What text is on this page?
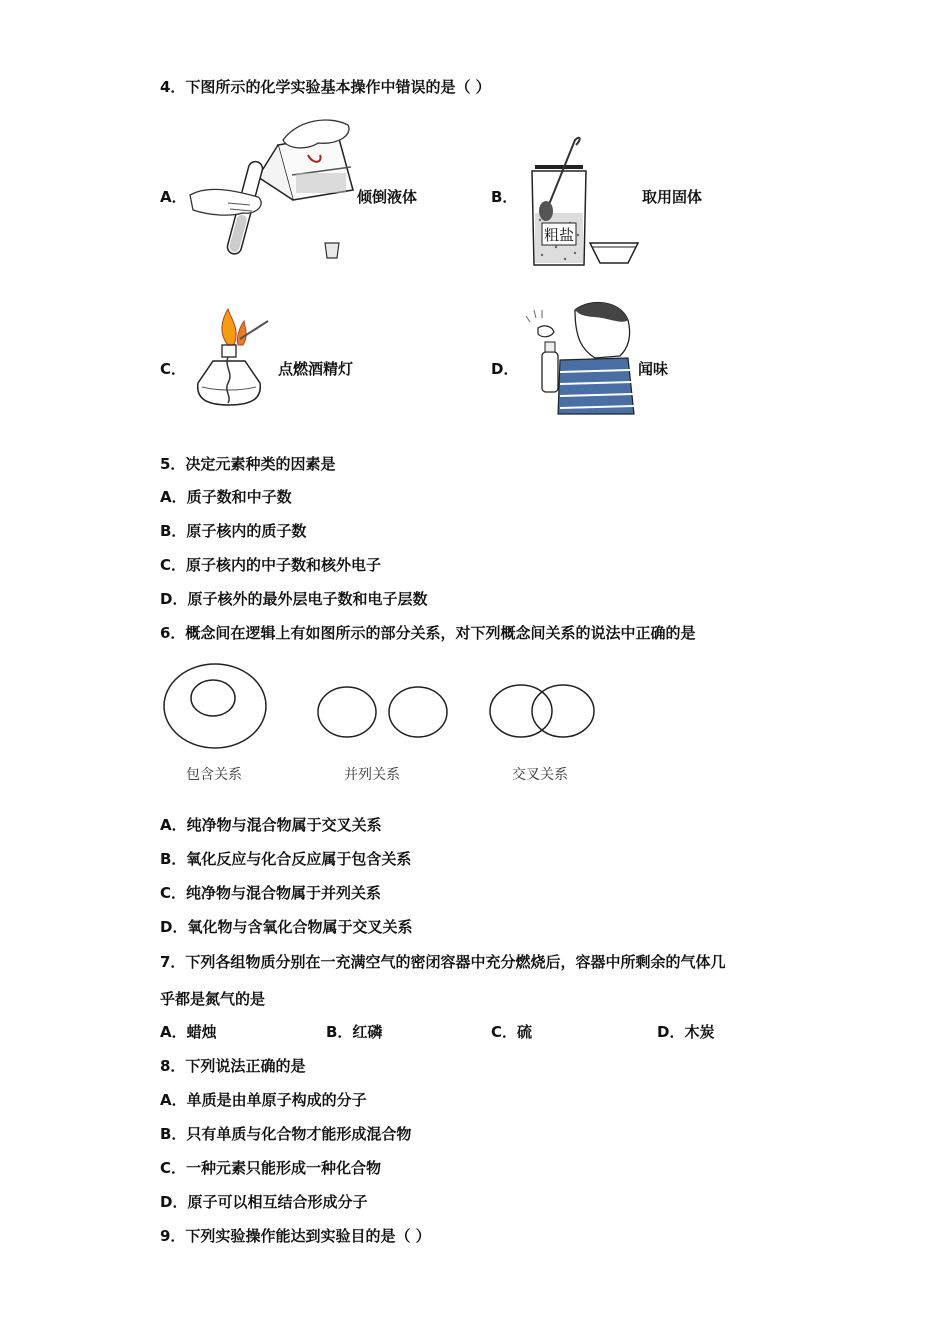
4．下图所示的化学实验基本操作中错误的是（ ）
A．	倾倒液体	B．
粗盐
取用固体
C．	点燃酒精灯	D．	闻味
5．决定元素种类的因素是
A．质子数和中子数
B．原子核内的质子数
C．原子核内的中子数和核外电子
D．原子核外的最外层电子数和电子层数
6．概念间在逻辑上有如图所示的部分关系，对下列概念间关系的说法中正确的是
包含关系	并列关系	交叉关系
A．纯净物与混合物属于交叉关系
B．氧化反应与化合反应属于包含关系
C．纯净物与混合物属于并列关系
D．氧化物与含氧化合物属于交叉关系
7．下列各组物质分别在一充满空气的密闭容器中充分燃烧后，容器中所剩余的气体几
乎都是氮气的是
A．蜡烛	B．红磷	C．硫	D．木炭
8．下列说法正确的是
A．单质是由单原子构成的分子
B．只有单质与化合物才能形成混合物
C．一种元素只能形成一种化合物
D．原子可以相互结合形成分子
9．下列实验操作能达到实验目的是（ ）
